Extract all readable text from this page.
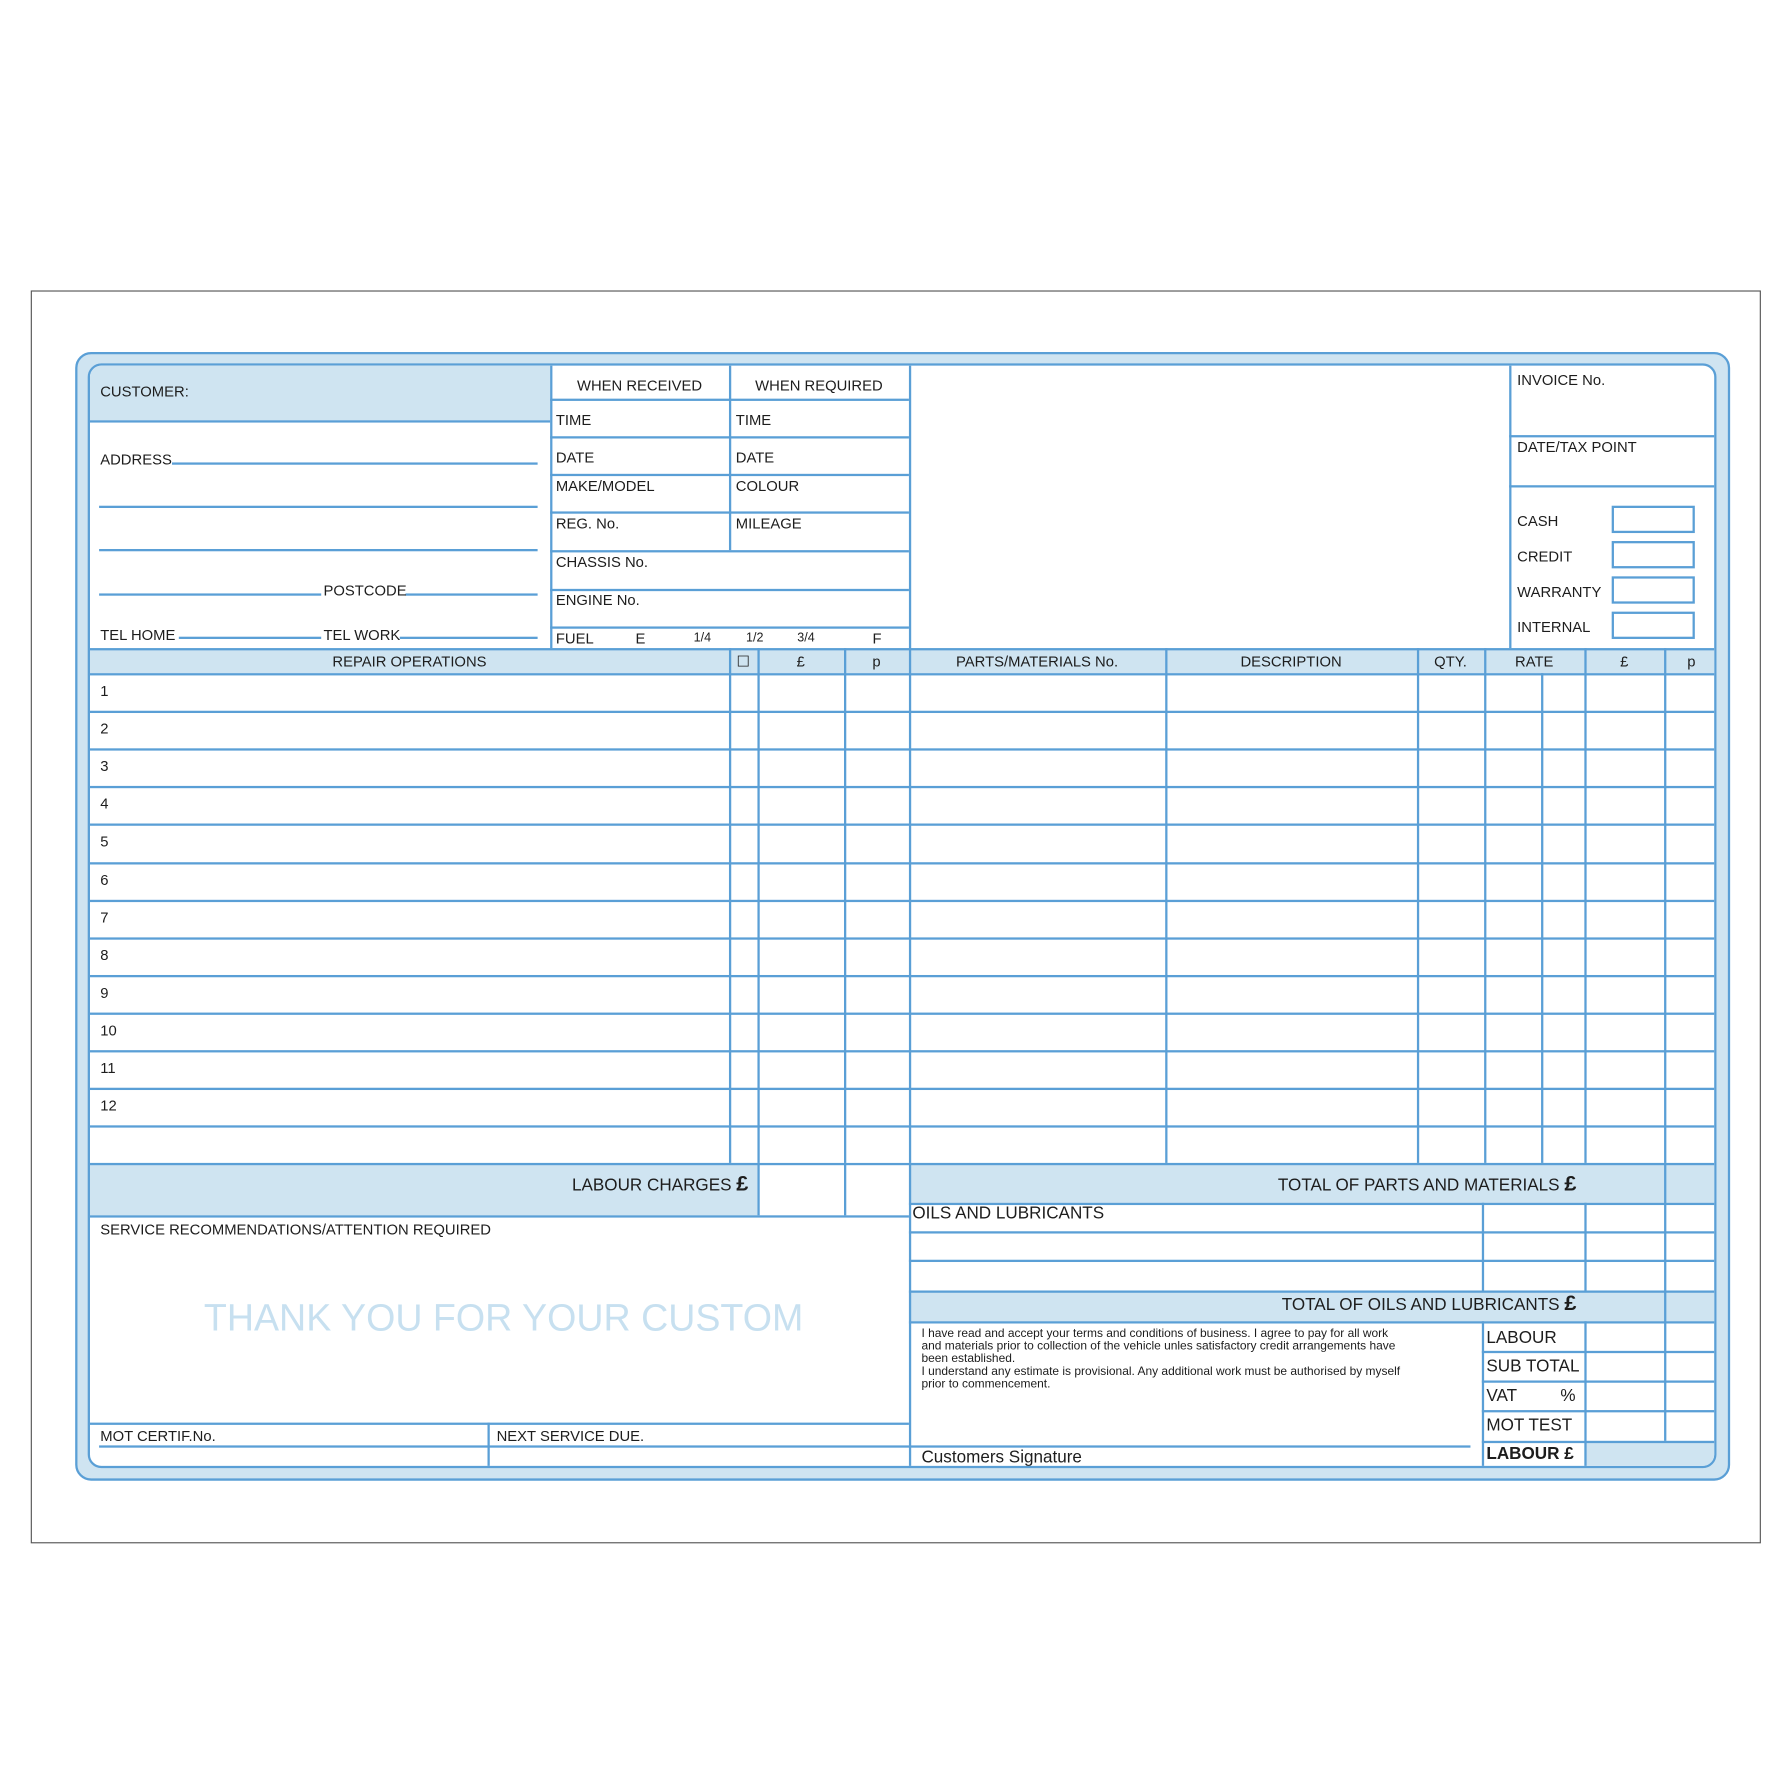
CUSTOMER:
ADDRESS
POSTCODE
TEL HOME	TEL WORK
WHEN RECEIVED	WHEN REQUIRED
TIME	TIME
DATE	DATE
MAKE/MODEL	COLOUR
REG. No.	MILEAGE
CHASSIS No.
ENGINE No.
FUEL	E	1/4	1/2	3/4	F
INVOICE No.
DATE/TAX POINT
CASH
CREDIT
WARRANTY
INTERNAL
REPAIR OPERATIONS	☐	£	p	PARTS/MATERIALS No.	DESCRIPTION	QTY.	RATE	£	p
1
2
3
4
5
6
7
8
9
10
11
12
LABOUR CHARGES £	TOTAL OF PARTS AND MATERIALS £
OILS AND LUBRICANTS
TOTAL OF OILS AND LUBRICANTS £
LABOUR
SUB TOTAL
VAT	%
MOT TEST
LABOUR £
SERVICE RECOMMENDATIONS/ATTENTION REQUIRED
THANK YOU FOR YOUR CUSTOM
MOT CERTIF.No.	NEXT SERVICE DUE.
I have read and accept your terms and conditions of business. I agree to pay for all work and materials prior to collection of the vehicle unles satisfactory credit arrangements have been established.
I understand any estimate is provisional. Any additional work must be authorised by myself prior to commencement.
Customers Signature
